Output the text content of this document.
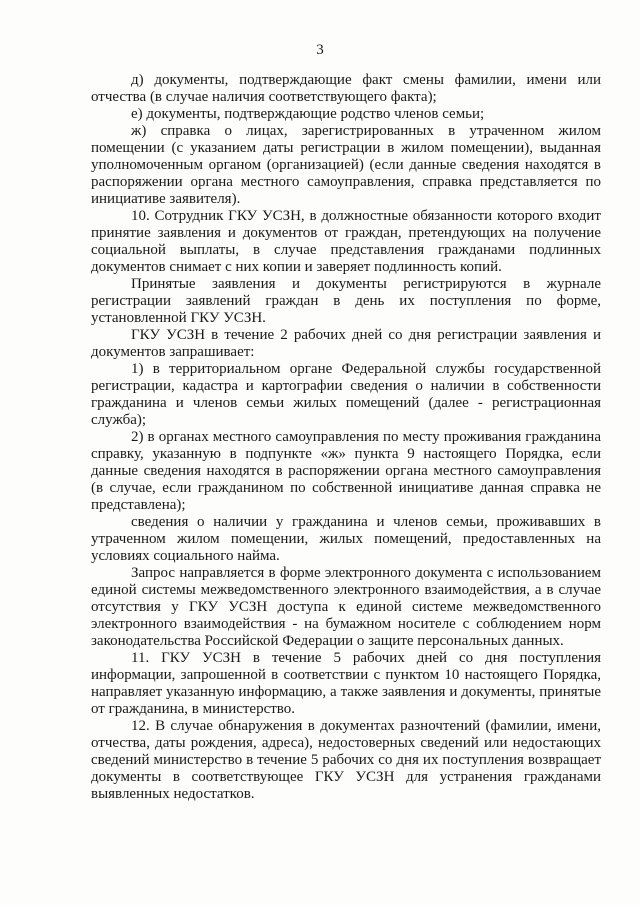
3

д) документы, подтверждающие факт смены фамилии, имени или отчества (в случае наличия соответствующего факта);

е) документы, подтверждающие родство членов семьи;

ж) справка о лицах, зарегистрированных в утраченном жилом помещении (с указанием даты регистрации в жилом помещении), выданная уполномоченным органом (организацией) (если данные сведения находятся в распоряжении органа местного самоуправления, справка представляется по инициативе заявителя).

10. Сотрудник ГКУ УСЗН, в должностные обязанности которого входит принятие заявления и документов от граждан, претендующих на получение социальной выплаты, в случае представления гражданами подлинных документов снимает с них копии и заверяет подлинность копий.

Принятые заявления и документы регистрируются в журнале регистрации заявлений граждан в день их поступления по форме, установленной ГКУ УСЗН.

ГКУ УСЗН в течение 2 рабочих дней со дня регистрации заявления и документов запрашивает:

1) в территориальном органе Федеральной службы государственной регистрации, кадастра и картографии сведения о наличии в собственности гражданина и членов семьи жилых помещений (далее - регистрационная служба);

2) в органах местного самоуправления по месту проживания гражданина справку, указанную в подпункте «ж» пункта 9 настоящего Порядка, если данные сведения находятся в распоряжении органа местного самоуправления (в случае, если гражданином по собственной инициативе данная справка не представлена);

сведения о наличии у гражданина и членов семьи, проживавших в утраченном жилом помещении, жилых помещений, предоставленных на условиях социального найма.

Запрос направляется в форме электронного документа с использованием единой системы межведомственного электронного взаимодействия, а в случае отсутствия у ГКУ УСЗН доступа к единой системе межведомственного электронного взаимодействия - на бумажном носителе с соблюдением норм законодательства Российской Федерации о защите персональных данных.

11. ГКУ УСЗН в течение 5 рабочих дней со дня поступления информации, запрошенной в соответствии с пунктом 10 настоящего Порядка, направляет указанную информацию, а также заявления и документы, принятые от гражданина, в министерство.

12. В случае обнаружения в документах разночтений (фамилии, имени, отчества, даты рождения, адреса), недостоверных сведений или недостающих сведений министерство в течение 5 рабочих со дня их поступления возвращает документы в соответствующее ГКУ УСЗН для устранения гражданами выявленных недостатков.
